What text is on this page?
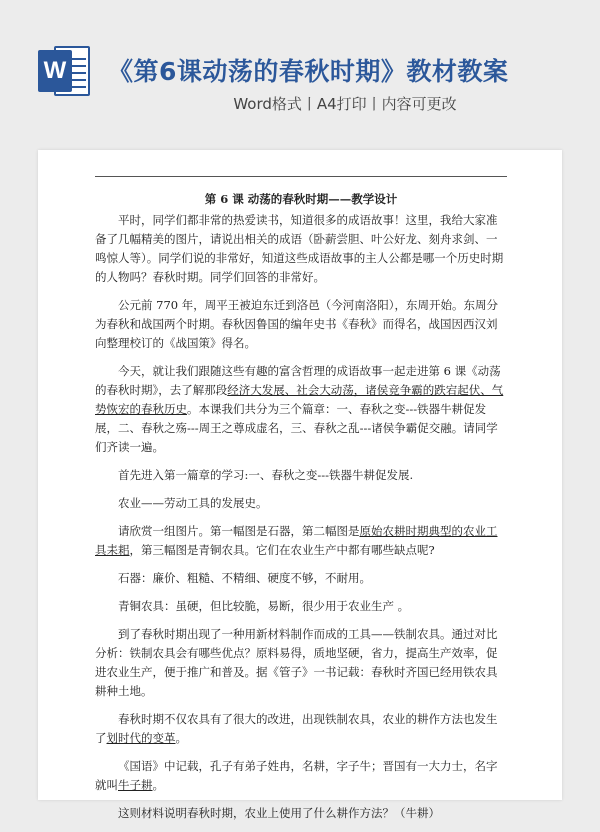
W 《第6课动荡的春秋时期》教材教案
Word格式丨A4打印丨内容可更改
第 6 课 动荡的春秋时期——教学设计

平时，同学们都非常的热爱读书，知道很多的成语故事！这里，我给大家准备了几幅精美的图片，请说出相关的成语（卧薪尝胆、叶公好龙、刻舟求剑、一鸣惊人等）。同学们说的非常好，知道这些成语故事的主人公都是哪一个历史时期的人物吗？春秋时期。同学们回答的非常好。

公元前 770 年，周平王被迫东迁到洛邑（今河南洛阳），东周开始。东周分为春秋和战国两个时期。春秋因鲁国的编年史书《春秋》而得名，战国因西汉刘向整理校订的《战国策》得名。

今天，就让我们跟随这些有趣的富含哲理的成语故事一起走进第 6 课《动荡的春秋时期》，去了解那段经济大发展、社会大动荡，诸侯竞争霸的跌宕起伏、气势恢宏的春秋历史。本课我们共分为三个篇章：一、春秋之变---铁器牛耕促发展，二、春秋之殇---周王之尊成虚名，三、春秋之乱---诸侯争霸促交融。请同学们齐读一遍。

首先进入第一篇章的学习:一、春秋之变---铁器牛耕促发展.

农业——劳动工具的发展史。

请欣赏一组图片。第一幅图是石器，第二幅图是原始农耕时期典型的农业工具耒耜，第三幅图是青铜农具。它们在农业生产中都有哪些缺点呢?

石器：廉价、粗糙、不精细、硬度不够，不耐用。

青铜农具：虽硬，但比较脆，易断，很少用于农业生产 。

到了春秋时期出现了一种用新材料制作而成的工具——铁制农具。通过对比分析：铁制农具会有哪些优点？原料易得，质地坚硬，省力，提高生产效率，促进农业生产，便于推广和普及。据《管子》一书记载：春秋时齐国已经用铁农具耕种土地。

春秋时期不仅农具有了很大的改进，出现铁制农具，农业的耕作方法也发生了划时代的变革。

《国语》中记载，孔子有弟子姓冉，名耕，字子牛；晋国有一大力士，名字就叫牛子耕。

这则材料说明春秋时期，农业上使用了什么耕作方法？（牛耕）
